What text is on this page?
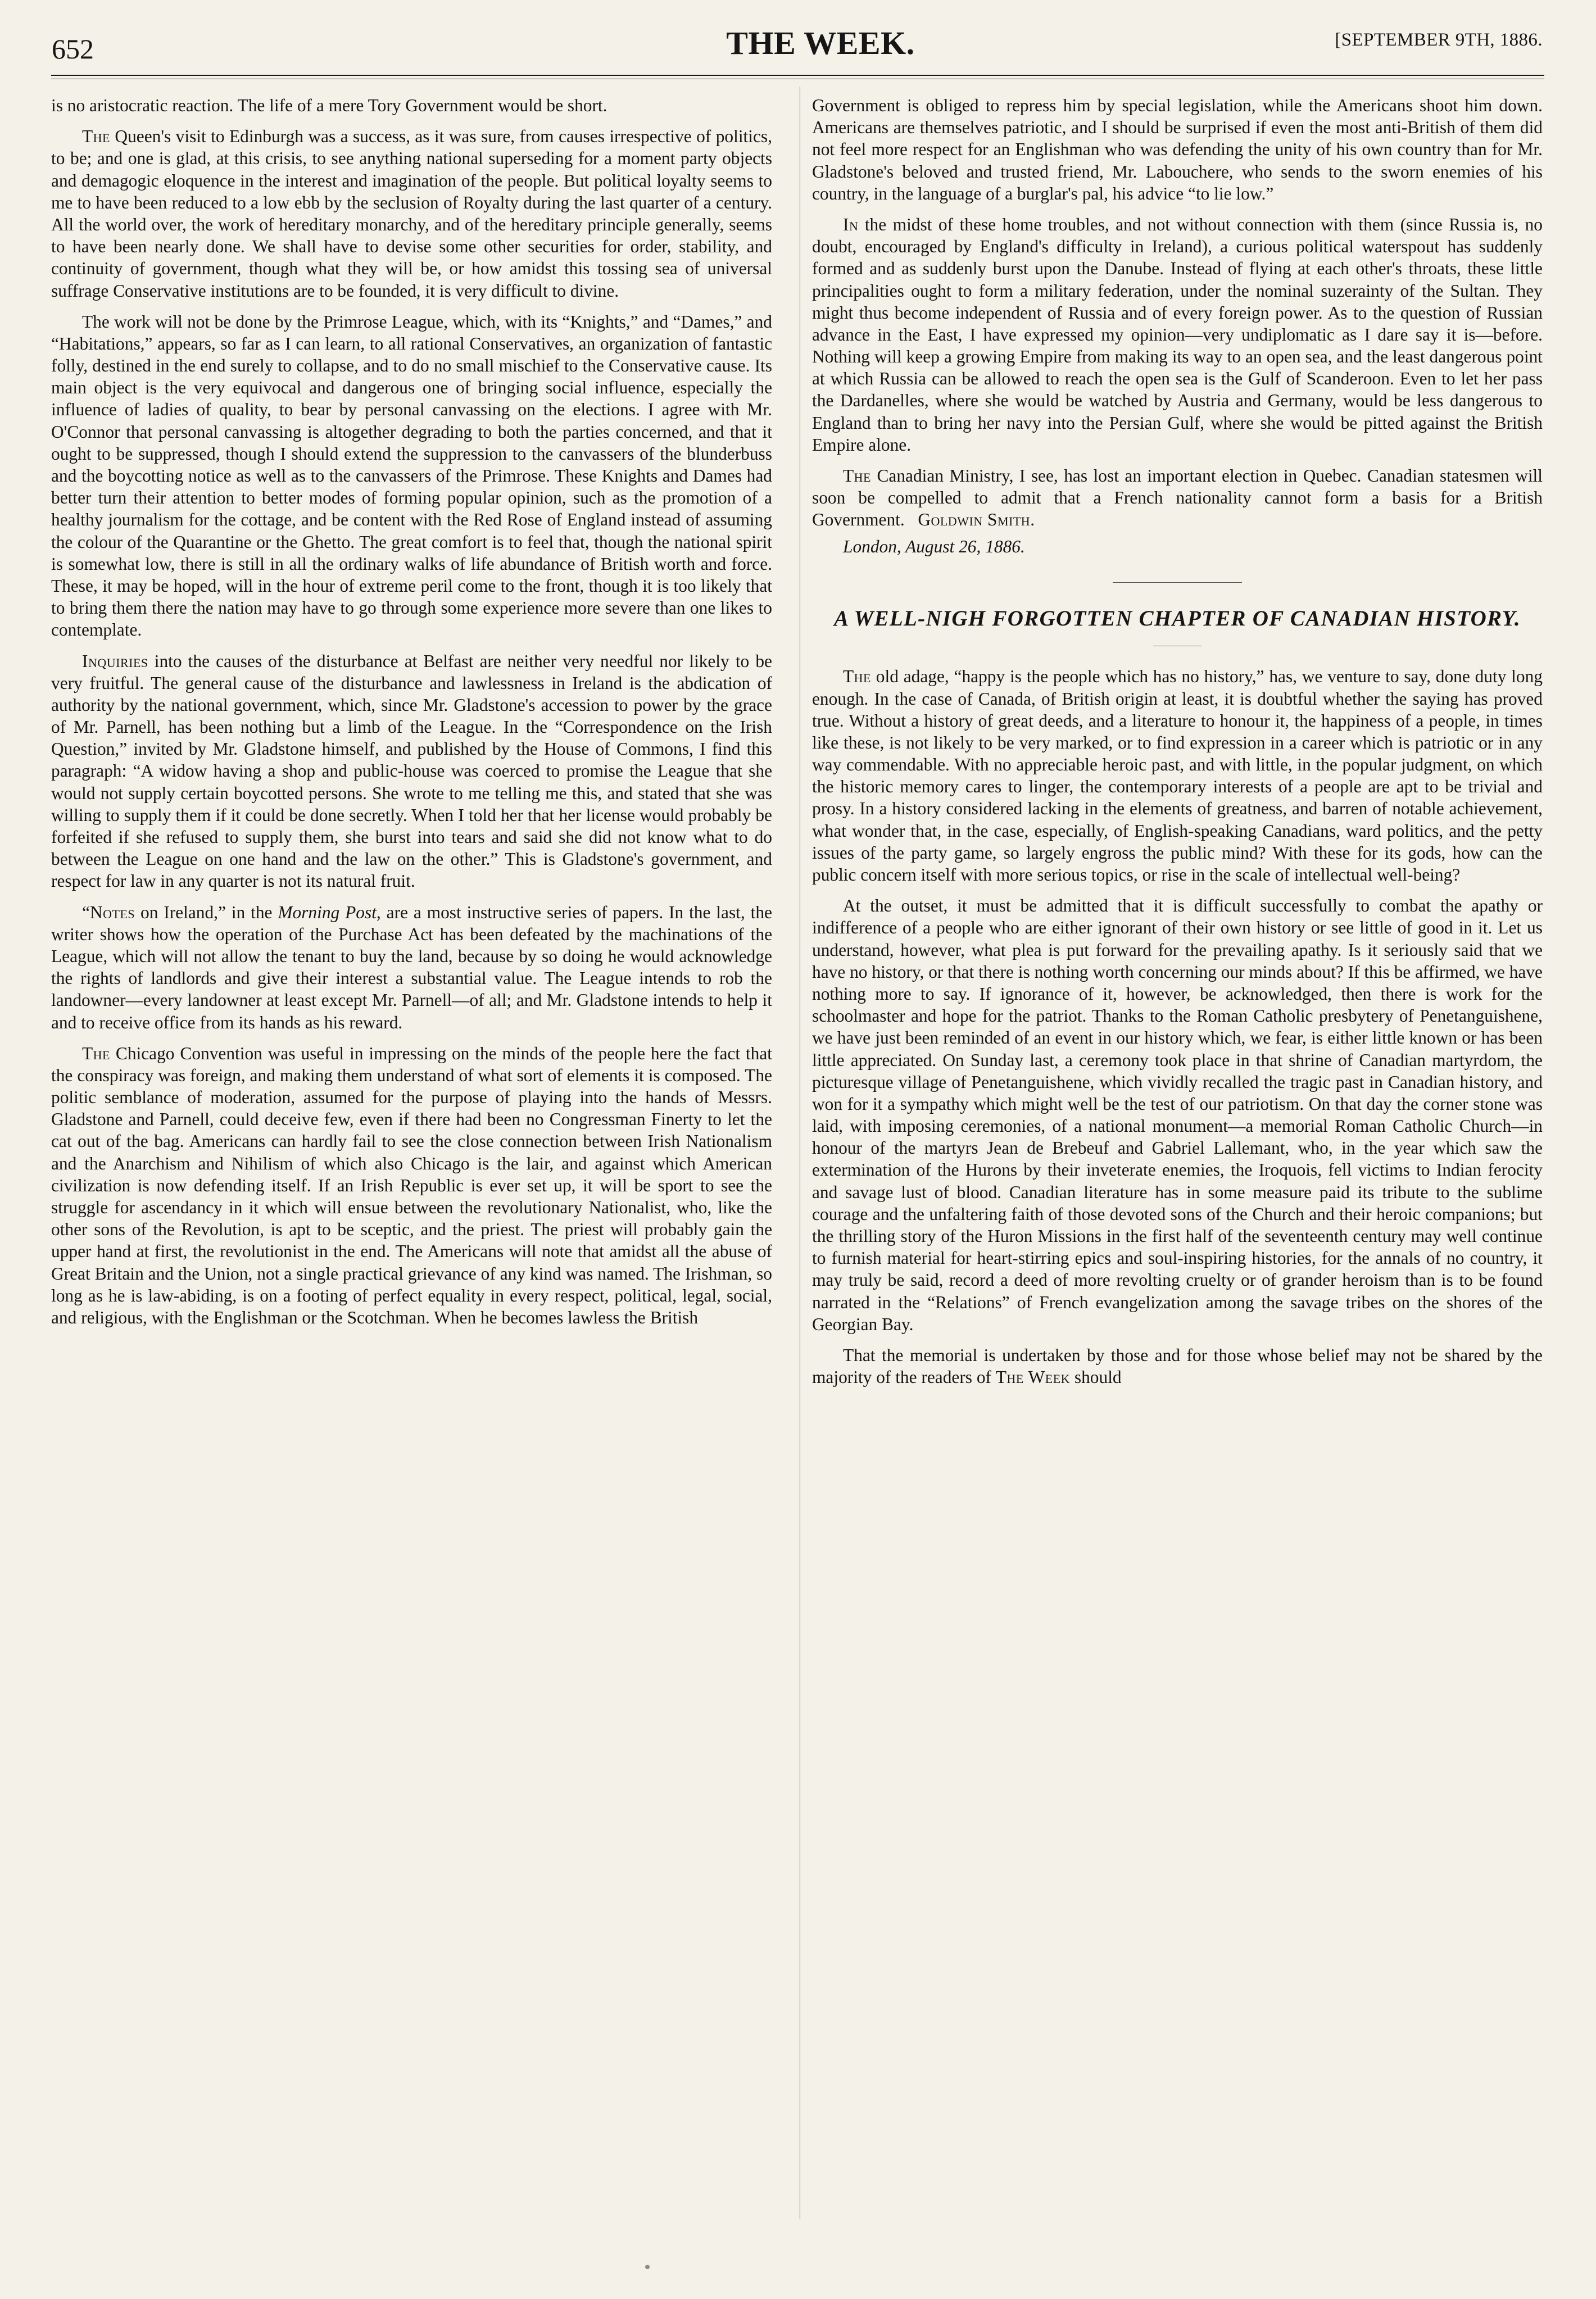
652	THE WEEK.	[SEPTEMBER 9TH, 1886.

is no aristocratic reaction. The life of a mere Tory Government would be short.

The Queen's visit to Edinburgh was a success, as it was sure, from causes irrespective of politics, to be; and one is glad, at this crisis, to see anything national superseding for a moment party objects and demagogic eloquence in the interest and imagination of the people. But political loyalty seems to me to have been reduced to a low ebb by the seclusion of Royalty during the last quarter of a century. All the world over, the work of hereditary monarchy, and of the hereditary principle generally, seems to have been nearly done. We shall have to devise some other securities for order, stability, and continuity of government, though what they will be, or how amidst this tossing sea of universal suffrage Conservative institutions are to be founded, it is very difficult to divine.

The work will not be done by the Primrose League, which, with its “Knights,” and “Dames,” and “Habitations,” appears, so far as I can learn, to all rational Conservatives, an organization of fantastic folly, destined in the end surely to collapse, and to do no small mischief to the Conservative cause. Its main object is the very equivocal and dangerous one of bringing social influence, especially the influence of ladies of quality, to bear by personal canvassing on the elections. I agree with Mr. O'Connor that personal canvassing is altogether degrading to both the parties concerned, and that it ought to be suppressed, though I should extend the suppression to the canvassers of the blunderbuss and the boycotting notice as well as to the canvassers of the Primrose. These Knights and Dames had better turn their attention to better modes of forming popular opinion, such as the promotion of a healthy journalism for the cottage, and be content with the Red Rose of England instead of assuming the colour of the Quarantine or the Ghetto. The great comfort is to feel that, though the national spirit is somewhat low, there is still in all the ordinary walks of life abundance of British worth and force. These, it may be hoped, will in the hour of extreme peril come to the front, though it is too likely that to bring them there the nation may have to go through some experience more severe than one likes to contemplate.

Inquiries into the causes of the disturbance at Belfast are neither very needful nor likely to be very fruitful. The general cause of the disturbance and lawlessness in Ireland is the abdication of authority by the national government, which, since Mr. Gladstone's accession to power by the grace of Mr. Parnell, has been nothing but a limb of the League. In the “Correspondence on the Irish Question,” invited by Mr. Gladstone himself, and published by the House of Commons, I find this paragraph: “A widow having a shop and public-house was coerced to promise the League that she would not supply certain boycotted persons. She wrote to me telling me this, and stated that she was willing to supply them if it could be done secretly. When I told her that her license would probably be forfeited if she refused to supply them, she burst into tears and said she did not know what to do between the League on one hand and the law on the other.” This is Gladstone's government, and respect for law in any quarter is not its natural fruit.

“Notes on Ireland,” in the Morning Post, are a most instructive series of papers. In the last, the writer shows how the operation of the Purchase Act has been defeated by the machinations of the League, which will not allow the tenant to buy the land, because by so doing he would acknowledge the rights of landlords and give their interest a substantial value. The League intends to rob the landowner—every landowner at least except Mr. Parnell—of all; and Mr. Gladstone intends to help it and to receive office from its hands as his reward.

The Chicago Convention was useful in impressing on the minds of the people here the fact that the conspiracy was foreign, and making them understand of what sort of elements it is composed. The politic semblance of moderation, assumed for the purpose of playing into the hands of Messrs. Gladstone and Parnell, could deceive few, even if there had been no Congressman Finerty to let the cat out of the bag. Americans can hardly fail to see the close connection between Irish Nationalism and the Anarchism and Nihilism of which also Chicago is the lair, and against which American civilization is now defending itself. If an Irish Republic is ever set up, it will be sport to see the struggle for ascendancy in it which will ensue between the revolutionary Nationalist, who, like the other sons of the Revolution, is apt to be sceptic, and the priest. The priest will probably gain the upper hand at first, the revolutionist in the end. The Americans will note that amidst all the abuse of Great Britain and the Union, not a single practical grievance of any kind was named. The Irishman, so long as he is law-abiding, is on a footing of perfect equality in every respect, political, legal, social, and religious, with the Englishman or the Scotchman. When he becomes lawless the British

Government is obliged to repress him by special legislation, while the Americans shoot him down. Americans are themselves patriotic, and I should be surprised if even the most anti-British of them did not feel more respect for an Englishman who was defending the unity of his own country than for Mr. Gladstone's beloved and trusted friend, Mr. Labouchere, who sends to the sworn enemies of his country, in the language of a burglar's pal, his advice “to lie low.”

In the midst of these home troubles, and not without connection with them (since Russia is, no doubt, encouraged by England's difficulty in Ireland), a curious political waterspout has suddenly formed and as suddenly burst upon the Danube. Instead of flying at each other's throats, these little principalities ought to form a military federation, under the nominal suzerainty of the Sultan. They might thus become independent of Russia and of every foreign power. As to the question of Russian advance in the East, I have expressed my opinion—very undiplomatic as I dare say it is—before. Nothing will keep a growing Empire from making its way to an open sea, and the least dangerous point at which Russia can be allowed to reach the open sea is the Gulf of Scanderoon. Even to let her pass the Dardanelles, where she would be watched by Austria and Germany, would be less dangerous to England than to bring her navy into the Persian Gulf, where she would be pitted against the British Empire alone.

The Canadian Ministry, I see, has lost an important election in Quebec. Canadian statesmen will soon be compelled to admit that a French nationality cannot form a basis for a British Government. Goldwin Smith.

London, August 26, 1886.

A WELL-NIGH FORGOTTEN CHAPTER OF CANADIAN HISTORY.

The old adage, “happy is the people which has no history,” has, we venture to say, done duty long enough. In the case of Canada, of British origin at least, it is doubtful whether the saying has proved true. Without a history of great deeds, and a literature to honour it, the happiness of a people, in times like these, is not likely to be very marked, or to find expression in a career which is patriotic or in any way commendable. With no appreciable heroic past, and with little, in the popular judgment, on which the historic memory cares to linger, the contemporary interests of a people are apt to be trivial and prosy. In a history considered lacking in the elements of greatness, and barren of notable achievement, what wonder that, in the case, especially, of English-speaking Canadians, ward politics, and the petty issues of the party game, so largely engross the public mind? With these for its gods, how can the public concern itself with more serious topics, or rise in the scale of intellectual well-being?

At the outset, it must be admitted that it is difficult successfully to combat the apathy or indifference of a people who are either ignorant of their own history or see little of good in it. Let us understand, however, what plea is put forward for the prevailing apathy. Is it seriously said that we have no history, or that there is nothing worth concerning our minds about? If this be affirmed, we have nothing more to say. If ignorance of it, however, be acknowledged, then there is work for the schoolmaster and hope for the patriot. Thanks to the Roman Catholic presbytery of Penetanguishene, we have just been reminded of an event in our history which, we fear, is either little known or has been little appreciated. On Sunday last, a ceremony took place in that shrine of Canadian martyrdom, the picturesque village of Penetanguishene, which vividly recalled the tragic past in Canadian history, and won for it a sympathy which might well be the test of our patriotism. On that day the corner stone was laid, with imposing ceremonies, of a national monument—a memorial Roman Catholic Church—in honour of the martyrs Jean de Brebeuf and Gabriel Lallemant, who, in the year which saw the extermination of the Hurons by their inveterate enemies, the Iroquois, fell victims to Indian ferocity and savage lust of blood. Canadian literature has in some measure paid its tribute to the sublime courage and the unfaltering faith of those devoted sons of the Church and their heroic companions; but the thrilling story of the Huron Missions in the first half of the seventeenth century may well continue to furnish material for heart-stirring epics and soul-inspiring histories, for the annals of no country, it may truly be said, record a deed of more revolting cruelty or of grander heroism than is to be found narrated in the “Relations” of French evangelization among the savage tribes on the shores of the Georgian Bay.

That the memorial is undertaken by those and for those whose belief may not be shared by the majority of the readers of The Week should
